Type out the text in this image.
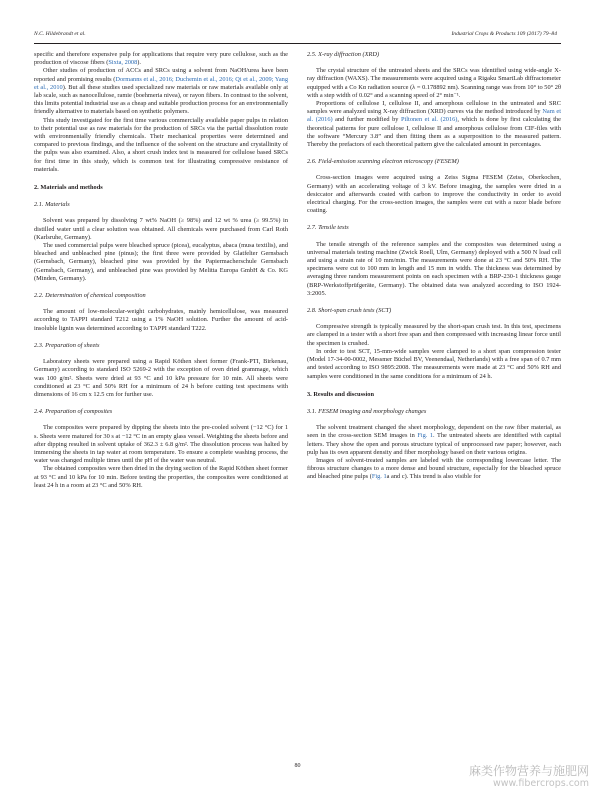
N.C. Hildebrandt et al.	Industrial Crops & Products 109 (2017) 79–84

specific and therefore expensive pulp for applications that require very pure cellulose, such as the production of viscose fibers (Sixta, 2008).

Other studies of production of ACCs and SRCs using a solvent from NaOH/urea have been reported and promising results (Dormanns et al., 2016; Duchemin et al., 2016; Qi et al., 2009; Yang et al., 2010). But all these studies used specialized raw materials or raw materials available only at lab scale, such as nanocellulose, ramie (boehmeria nivea), or rayon fibers. In contrast to the solvent, this limits potential industrial use as a cheap and suitable production process for an environmentally friendly alternative to materials based on synthetic polymers.

This study investigated for the first time various commercially available paper pulps in relation to their potential use as raw materials for the production of SRCs via the partial dissolution route with environmentally friendly chemicals. Their mechanical properties were determined and compared to previous findings, and the influence of the solvent on the structure and crystallinity of the pulps was also examined. Also, a short crush index test is measured for cellulose based SRCs for first time in this study, which is common test for illustrating compressive resistance of materials.

2. Materials and methods
2.1. Materials

Solvent was prepared by dissolving 7 wt% NaOH (≥ 98%) and 12 wt % urea (≥ 99.5%) in distilled water until a clear solution was obtained. All chemicals were purchased from Carl Roth (Karlsruhe, Germany).

The used commercial pulps were bleached spruce (picea), eucalyptus, abaca (musa textilis), and bleached and unbleached pine (pinus); the first three were provided by Glatfelter Gernsbach (Gernsbach, Germany), bleached pine was provided by the Papiermacherschule Gernsbach (Gernsbach, Germany), and unbleached pine was provided by Melitta Europa GmbH & Co. KG (Minden, Germany).

2.2. Determination of chemical composition

The amount of low-molecular-weight carbohydrates, mainly hemicellulose, was measured according to TAPPI standard T212 using a 1% NaOH solution. Further the amount of acid-insoluble lignin was determined according to TAPPI standard T222.

2.3. Preparation of sheets

Laboratory sheets were prepared using a Rapid Köthen sheet former (Frank-PTI, Birkenau, Germany) according to standard ISO 5269-2 with the exception of oven dried grammage, which was 100 g/m². Sheets were dried at 93 °C and 10 kPa pressure for 10 min. All sheets were conditioned at 23 °C and 50% RH for a minimum of 24 h before cutting test specimens with dimensions of 16 cm x 12.5 cm for further use.

2.4. Preparation of composites

The composites were prepared by dipping the sheets into the pre-cooled solvent (−12 °C) for 1 s. Sheets were matured for 30 s at −12 °C in an empty glass vessel. Weighting the sheets before and after dipping resulted in solvent uptake of 362.3 ± 6.8 g/m². The dissolution process was halted by immersing the sheets in tap water at room temperature. To ensure a complete washing process, the water was changed multiple times until the pH of the water was neutral.

The obtained composites were then dried in the drying section of the Rapid Köthen sheet former at 93 °C and 10 kPa for 10 min. Before testing the properties, the composites were conditioned at least 24 h in a room at 23 °C and 50% RH.

2.5. X-ray diffraction (XRD)

The crystal structure of the untreated sheets and the SRCs was identified using wide-angle X-ray diffraction (WAXS). The measurements were acquired using a Rigaku SmartLab diffractometer equipped with a Co Kα radiation source (λ = 0.178892 nm). Scanning range was from 10° to 50° 2θ with a step width of 0.02° and a scanning speed of 2° min⁻¹.

Proportions of cellulose I, cellulose II, and amorphous cellulose in the untreated and SRC samples were analyzed using X-ray diffraction (XRD) curves via the method introduced by Nam et al. (2016) and further modified by Piltonen et al. (2016), which is done by first calculating the theoretical patterns for pure cellulose I, cellulose II and amorphous cellulose from CIF-files with the software “Mercury 3.8” and then fitting them as a superposition to the measured pattern. Thereby the prefactors of each theoretical pattern give the calculated amount in percentages.

2.6. Field-emission scanning electron microscopy (FESEM)

Cross-section images were acquired using a Zeiss Sigma FESEM (Zeiss, Oberkochen, Germany) with an accelerating voltage of 3 kV. Before imaging, the samples were dried in a desiccator and afterwards coated with carbon to improve the conductivity in order to avoid electrical charging. For the cross-section images, the samples were cut with a razor blade before coating.

2.7. Tensile tests

The tensile strength of the reference samples and the composites was determined using a universal materials testing machine (Zwick Roell, Ulm, Germany) deployed with a 500 N load cell and using a strain rate of 10 mm/min. The measurements were done at 23 °C and 50% RH. The specimens were cut to 100 mm in length and 15 mm in width. The thickness was determined by averaging three random measurement points on each specimen with a BRP-230-1 thickness gauge (BRP-Werkstoffprüfgeräte, Germany). The obtained data was analyzed according to ISO 1924-3:2005.

2.8. Short-span crush tests (SCT)

Compressive strength is typically measured by the short-span crush test. In this test, specimens are clamped in a tester with a short free span and then compressed with increasing linear force until the specimen is crushed.

In order to test SCT, 15-mm-wide samples were clamped to a short span compression tester (Model 17-34-00-0002, Messmer Büchel BV, Veenendaal, Netherlands) with a free span of 0.7 mm and tested according to ISO 9895:2008. The measurements were made at 23 °C and 50% RH and samples were conditioned in the same conditions for a minimum of 24 h.

3. Results and discussion
3.1. FESEM imaging and morphology changes

The solvent treatment changed the sheet morphology, dependent on the raw fiber material, as seen in the cross-section SEM images in Fig. 1. The untreated sheets are identified with capital letters. They show the open and porous structure typical of unprocessed raw paper; however, each pulp has its own apparent density and fiber morphology based on their various origins.

Images of solvent-treated samples are labeled with the corresponding lowercase letter. The fibrous structure changes to a more dense and bound structure, especially for the bleached spruce and bleached pine pulps (Fig. 1a and c). This trend is also visible for

80	麻类作物营养与施肥网
www.fibercrops.com
